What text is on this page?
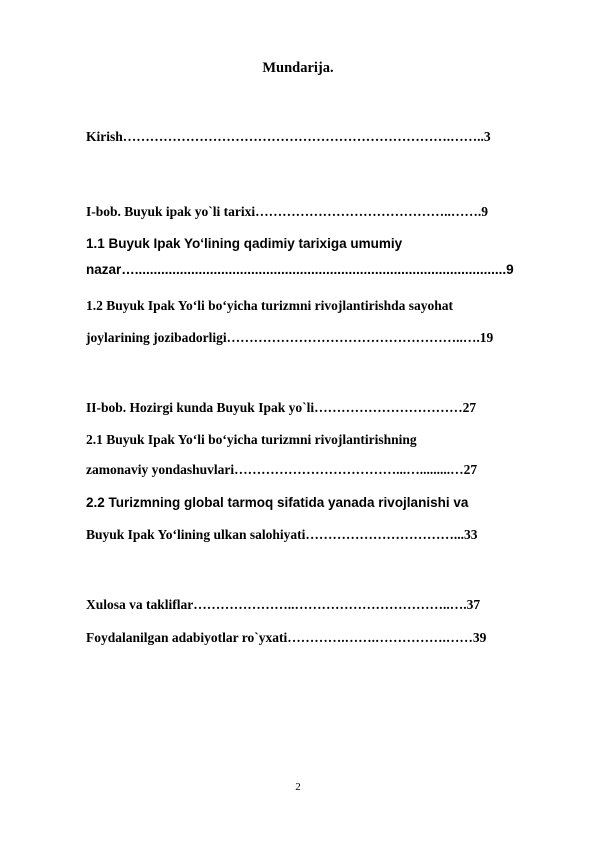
Mundarija.
Kirish……………………………………………………………….……..3
I-bob. Buyuk ipak yo`li tarixi……………………………………..…….9
1.1 Buyuk Ipak Yo‘lining qadimiy tarixiga umumiy
nazar…...................................................................................................9
1.2 Buyuk Ipak Yo‘li bo‘yicha turizmni rivojlantirishda sayohat
joylarining jozibadorligi……………………………………………..….19
II-bob. Hozirgi kunda Buyuk Ipak yo`li……………………………27
2.1 Buyuk Ipak Yo‘li bo‘yicha turizmni rivojlantirishning
zamonaviy yondashuvlari………………………………...….........…27
2.2 Turizmning global tarmoq sifatida yanada rivojlanishi va
Buyuk Ipak Yo‘lining ulkan salohiyati……………………………...33
Xulosa va takliflar…………………..……………………………..….37
Foydalanilgan adabiyotlar ro`yxati………….…….…………….……39
2
